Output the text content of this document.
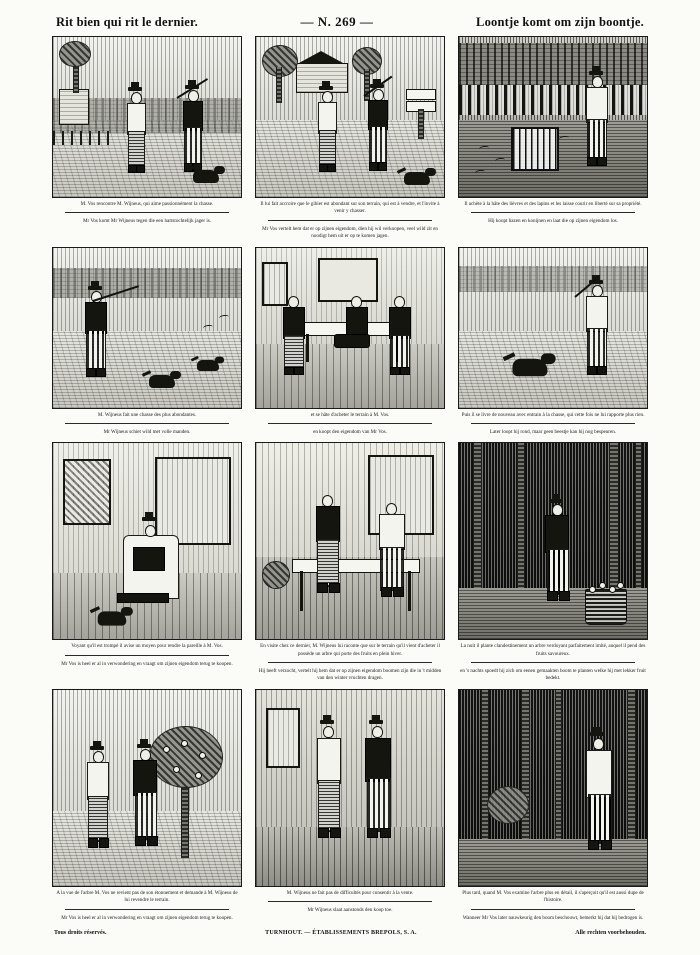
Rit bien qui rit le dernier.	— N. 269 —	Loontje komt om zijn boontje.
M. Vos rencontre M. Wijneus, qui aime passionnément la chasse.
Mr Vos komt Mr Wijneus tegen die een hartstochtelijk jager is.
Il lui fait accroire que le gibier est abondant sur son terrain, qui est à vendre, et l'invite à venir y chasser.
Mr Vos vertelt hem dat er op zijnen eigendom, dien hij wil verkoopen, veel wild zit en noodigt hem uit er op te komen jagen.
Il achète à la hâte des lièvres et des lapins et les laisse courir en liberté sur sa propriété.
Hij koopt hazen en konijnen en laat die op zijnen eigendom los.
M. Wijneus fait une chasse des plus abondantes.
Mr Wijneus schiet wild met volle manden.
et se hâte d'acheter le terrain à M. Vos.
en koopt den eigendom van Mr Vos.
Puis il se livre de nouveau avec entrain à la chasse, qui cette fois ne lui rapporte plus rien.
Later loopt hij rond, maar geen beestje kan hij nog bespeuren.
Voyant qu'il est trompé il avise un moyen pour rendre la pareille à M. Vos.
Mr Vos is heel er al in verwondering en vraagt om zijnen eigendom terug te koopen.
En visite chez ce dernier, M. Wijneus lui raconte que sur le terrain qu'il vient d'acheter il possède un arbre qui porte des fruits en plein hiver.
Hij heeft verzocht, vertelt hij hem dat er op zijnen eigendom boomen zijn die in 't midden van den winter vruchten dragen.
La nuit il plante clandestinement un arbre verdoyant parfaitement imité, auquel il pend des fruits savoureux.
en 's nachts spoedt hij zich om eenen gemaakten boom te planten welke hij met lekker fruit bedekt.
A la vue de l'arbre M. Vos ne revient pas de son étonnement et demande à M. Wijneus de lui revendre le terrain.
Mr Vos is heel er al in verwondering en vraagt om zijnen eigendom terug te koopen.
M. Wijneus ne fait pas de difficultés pour consentir à la vente.
Mr Wijneus slaat aanstonds den koop toe.
Plus tard, quand M. Vos examine l'arbre plus en détail, il s'aperçoit qu'il est aussi dupe de l'histoire.
Wanneer Mr Vos later nauwkeurig den boom beschouwt, bemerkt hij dat hij bedrogen is.
Tous droits réservés.	TURNHOUT. — ÉTABLISSEMENTS BREPOLS, S. A.	Alle rechten voorbehouden.
